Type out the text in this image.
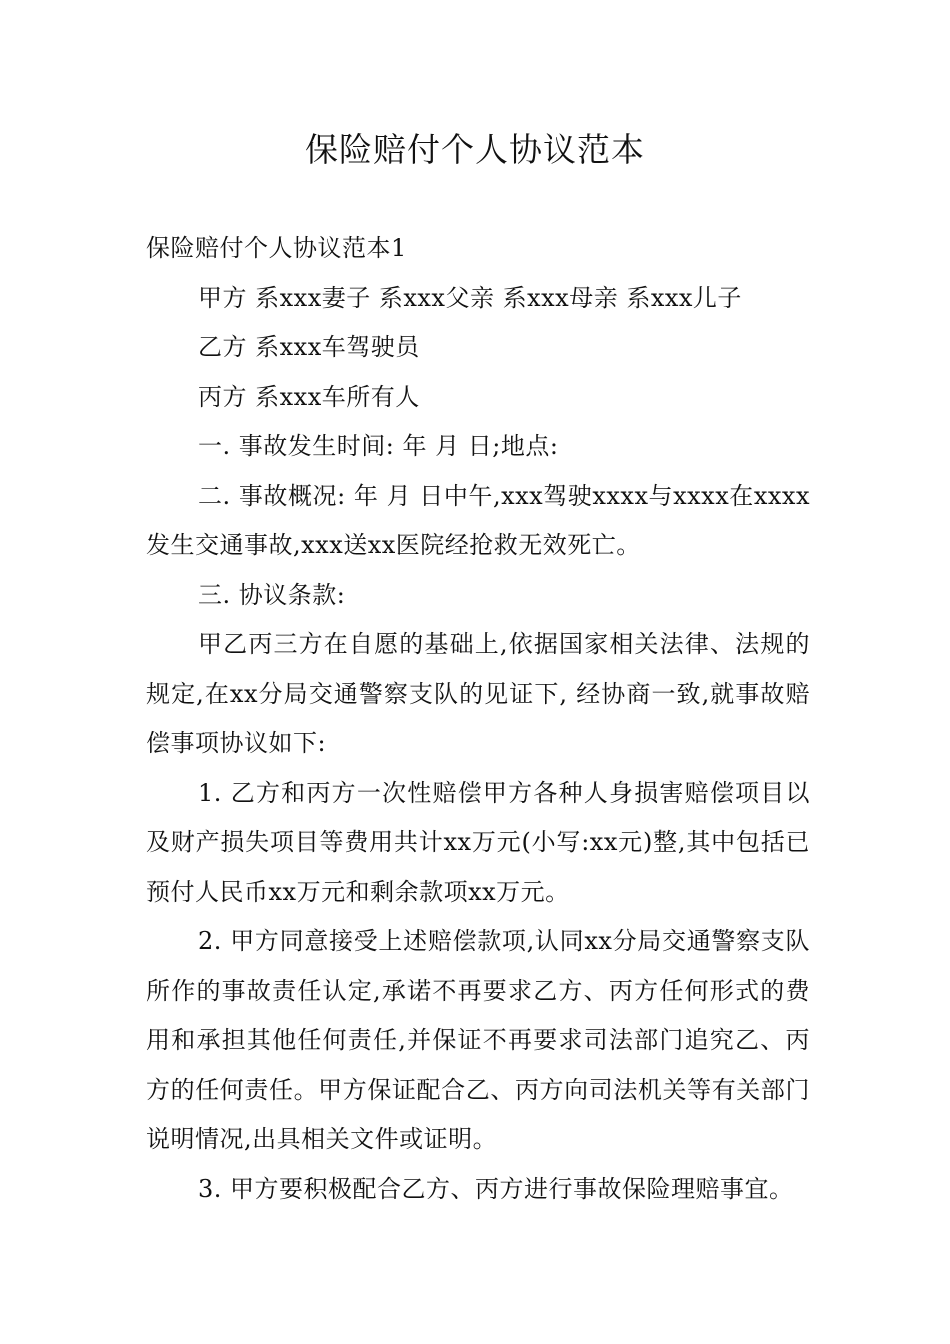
保险赔付个人协议范本

保险赔付个人协议范本1

甲方 系xxx妻子 系xxx父亲 系xxx母亲 系xxx儿子

乙方 系xxx车驾驶员

丙方 系xxx车所有人

一. 事故发生时间: 年 月 日;地点:

二. 事故概况: 年 月 日中午,xxx驾驶xxxx与xxxx在xxxx发生交通事故,xxx送xx医院经抢救无效死亡。

三. 协议条款:

甲乙丙三方在自愿的基础上,依据国家相关法律、法规的规定,在xx分局交通警察支队的见证下, 经协商一致,就事故赔偿事项协议如下:

1. 乙方和丙方一次性赔偿甲方各种人身损害赔偿项目以及财产损失项目等费用共计xx万元(小写:xx元)整,其中包括已预付人民币xx万元和剩余款项xx万元。

2. 甲方同意接受上述赔偿款项,认同xx分局交通警察支队所作的事故责任认定,承诺不再要求乙方、丙方任何形式的费用和承担其他任何责任,并保证不再要求司法部门追究乙、丙方的任何责任。甲方保证配合乙、丙方向司法机关等有关部门说明情况,出具相关文件或证明。

3. 甲方要积极配合乙方、丙方进行事故保险理赔事宜。
